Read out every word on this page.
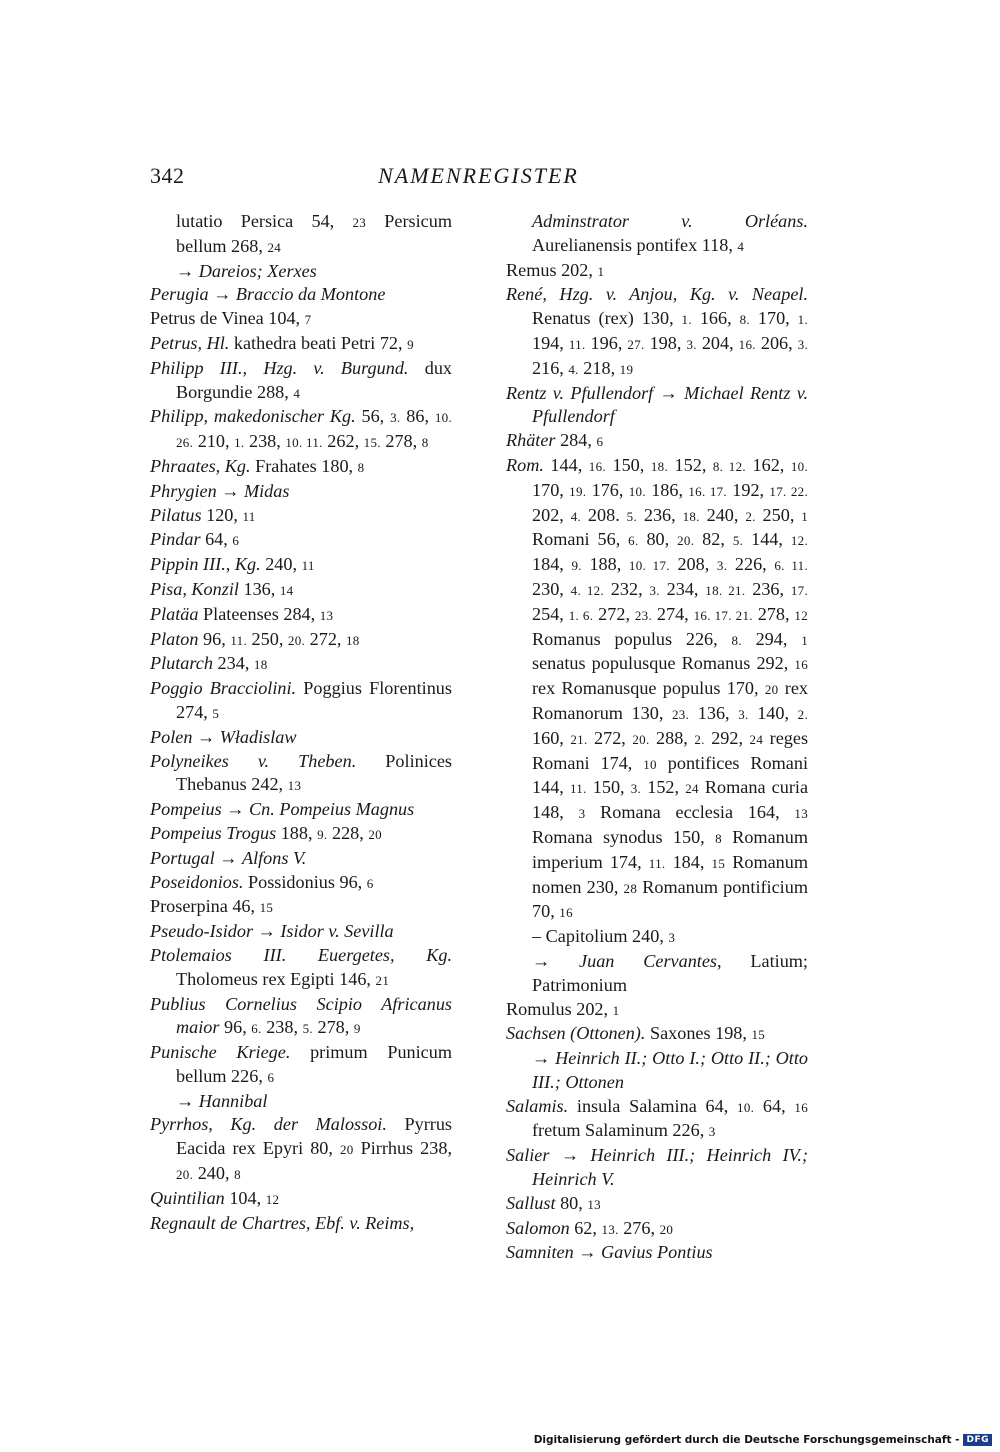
342	NAMENREGISTER
lutatio Persica 54, 23 Persicum bellum 268, 24
→ Dareios; Xerxes
Perugia → Braccio da Montone
Petrus de Vinea 104, 7
Petrus, Hl. kathedra beati Petri 72, 9
Philipp III., Hzg. v. Burgund. dux Borgundie 288, 4
Philipp, makedonischer Kg. 56, 3. 86, 10. 26. 210, 1. 238, 10. 11. 262, 15. 278, 8
Phraates, Kg. Frahates 180, 8
Phrygien → Midas
Pilatus 120, 11
Pindar 64, 6
Pippin III., Kg. 240, 11
Pisa, Konzil 136, 14
Platäa Plateenses 284, 13
Platon 96, 11. 250, 20. 272, 18
Plutarch 234, 18
Poggio Bracciolini. Poggius Florentinus 274, 5
Polen → Władislaw
Polyneikes v. Theben. Polinices Thebanus 242, 13
Pompeius → Cn. Pompeius Magnus
Pompeius Trogus 188, 9. 228, 20
Portugal → Alfons V.
Poseidonios. Possidonius 96, 6
Proserpina 46, 15
Pseudo-Isidor → Isidor v. Sevilla
Ptolemaios III. Euergetes, Kg. Tholomeus rex Egipti 146, 21
Publius Cornelius Scipio Africanus maior 96, 6. 238, 5. 278, 9
Punische Kriege. primum Punicum bellum 226, 6
→ Hannibal
Pyrrhos, Kg. der Malossoi. Pyrrus Eacida rex Epyri 80, 20 Pirrhus 238, 20. 240, 8
Quintilian 104, 12
Regnault de Chartres, Ebf. v. Reims,
Adminstrator v. Orléans. Aurelianensis pontifex 118, 4
Remus 202, 1
René, Hzg. v. Anjou, Kg. v. Neapel. Renatus (rex) 130, 1. 166, 8. 170, 1. 194, 11. 196, 27. 198, 3. 204, 16. 206, 3. 216, 4. 218, 19
Rentz v. Pfullendorf → Michael Rentz v. Pfullendorf
Rhäter 284, 6
Rom. 144, 16. 150, 18. 152, 8. 12. 162, 10. 170, 19. 176, 10. 186, 16. 17. 192, 17. 22. 202, 4. 208. 5. 236, 18. 240, 2. 250, 1 Romani 56, 6. 80, 20. 82, 5. 144, 12. 184, 9. 188, 10. 17. 208, 3. 226, 6. 11. 230, 4. 12. 232, 3. 234, 18. 21. 236, 17. 254, 1. 6. 272, 23. 274, 16. 17. 21. 278, 12 Romanus populus 226, 8. 294, 1 senatus populusque Romanus 292, 16 rex Romanusque populus 170, 20 rex Romanorum 130, 23. 136, 3. 140, 2. 160, 21. 272, 20. 288, 2. 292, 24 reges Romani 174, 10 pontifices Romani 144, 11. 150, 3. 152, 24 Romana curia 148, 3 Romana ecclesia 164, 13 Romana synodus 150, 8 Romanum imperium 174, 11. 184, 15 Romanum nomen 230, 28 Romanum pontificium 70, 16
– Capitolium 240, 3
→ Juan Cervantes, Latium; Patrimonium
Romulus 202, 1
Sachsen (Ottonen). Saxones 198, 15
→ Heinrich II.; Otto I.; Otto II.; Otto III.; Ottonen
Salamis. insula Salamina 64, 10. 64, 16 fretum Salaminum 226, 3
Salier → Heinrich III.; Heinrich IV.; Heinrich V.
Sallust 80, 13
Salomon 62, 13. 276, 20
Samniten → Gavius Pontius
Digitalisierung gefördert durch die Deutsche Forschungsgemeinschaft - DFG
